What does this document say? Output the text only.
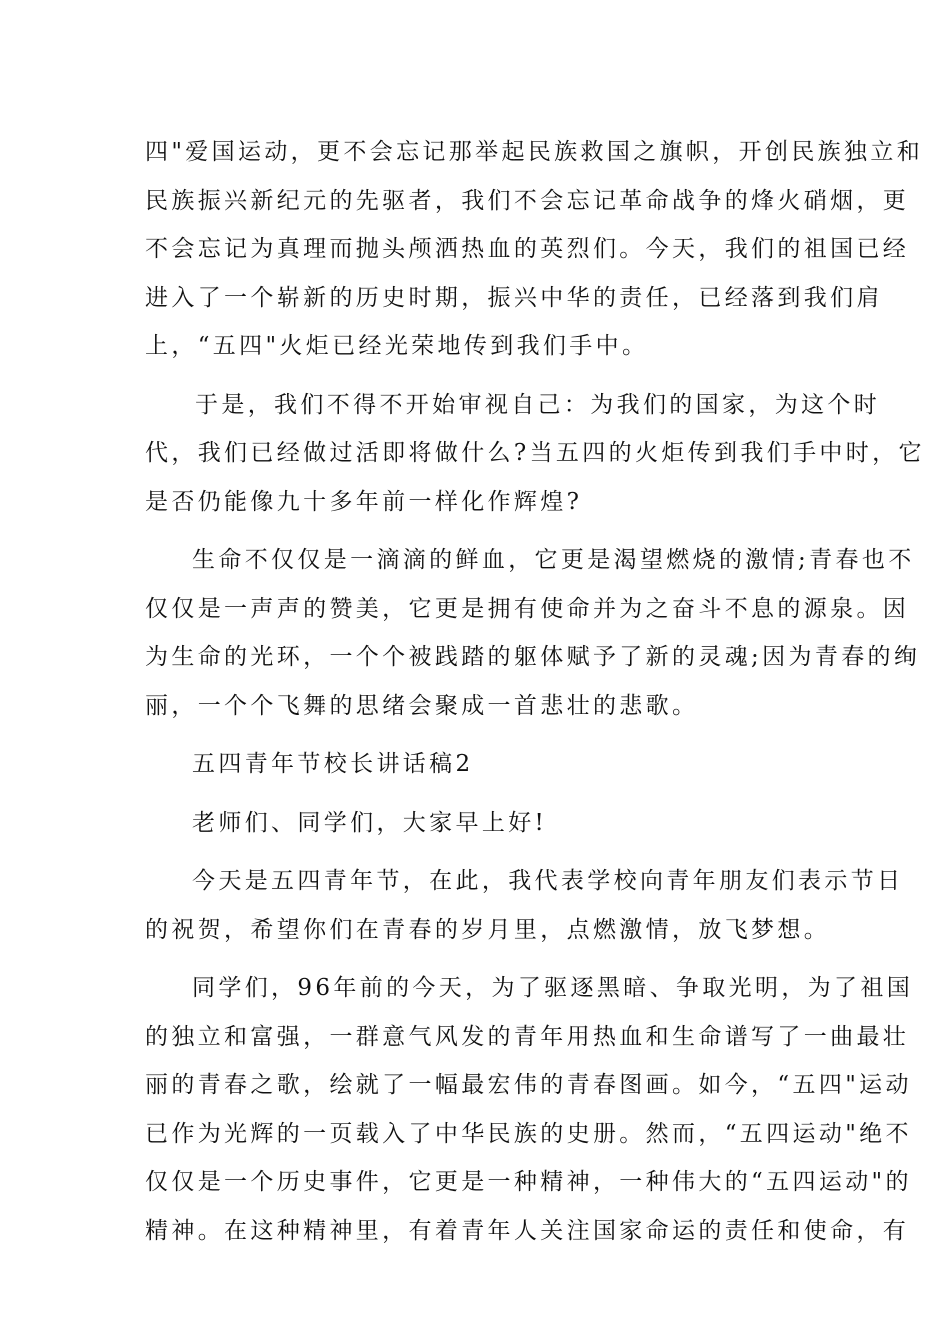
四"爱国运动，更不会忘记那举起民族救国之旗帜，开创民族独立和
民族振兴新纪元的先驱者，我们不会忘记革命战争的烽火硝烟，更
不会忘记为真理而抛头颅洒热血的英烈们。今天，我们的祖国已经
进入了一个崭新的历史时期，振兴中华的责任，已经落到我们肩
上，“五四"火炬已经光荣地传到我们手中。
于是，我们不得不开始审视自己：为我们的国家，为这个时
代，我们已经做过活即将做什么?当五四的火炬传到我们手中时，它
是否仍能像九十多年前一样化作辉煌?
生命不仅仅是一滴滴的鲜血，它更是渴望燃烧的激情;青春也不
仅仅是一声声的赞美，它更是拥有使命并为之奋斗不息的源泉。因
为生命的光环，一个个被践踏的躯体赋予了新的灵魂;因为青春的绚
丽，一个个飞舞的思绪会聚成一首悲壮的悲歌。
五四青年节校长讲话稿2
老师们、同学们，大家早上好!
今天是五四青年节，在此，我代表学校向青年朋友们表示节日
的祝贺，希望你们在青春的岁月里，点燃激情，放飞梦想。
同学们，96年前的今天，为了驱逐黑暗、争取光明，为了祖国
的独立和富强，一群意气风发的青年用热血和生命谱写了一曲最壮
丽的青春之歌，绘就了一幅最宏伟的青春图画。如今，“五四"运动
已作为光辉的一页载入了中华民族的史册。然而，“五四运动"绝不
仅仅是一个历史事件，它更是一种精神，一种伟大的“五四运动"的
精神。在这种精神里，有着青年人关注国家命运的责任和使命，有
